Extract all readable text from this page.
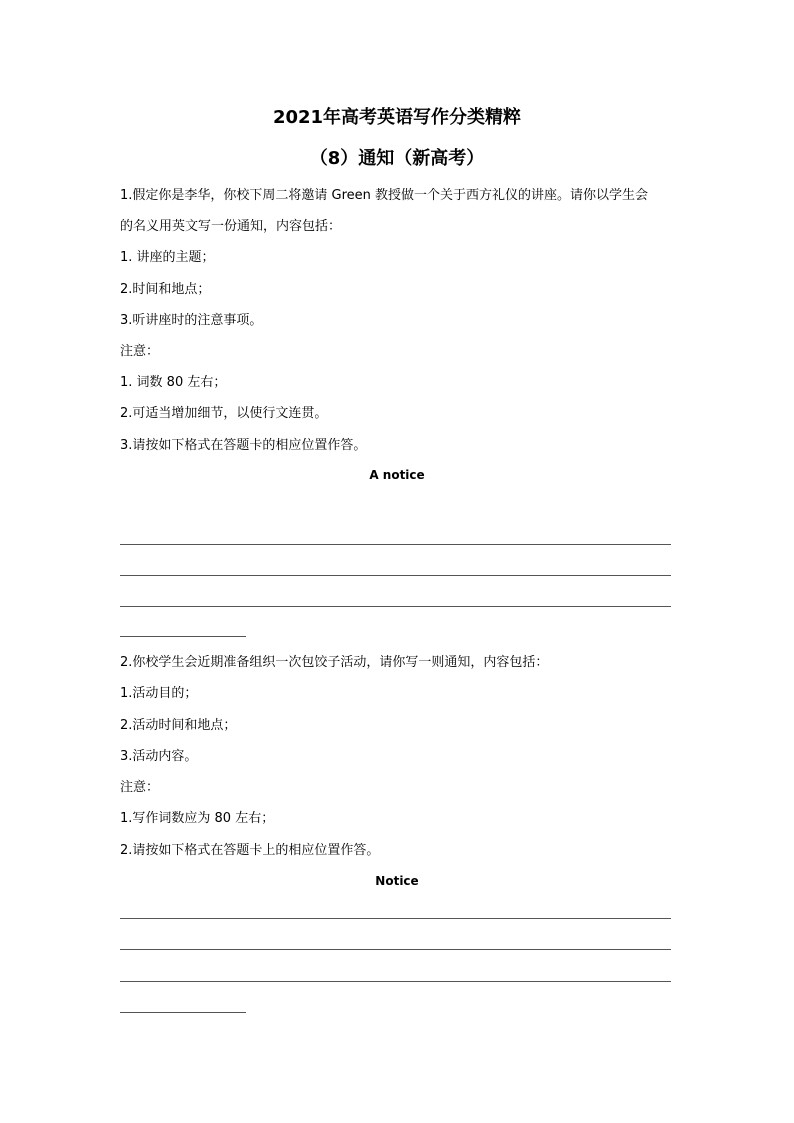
2021年高考英语写作分类精粹
（8）通知（新高考）
1.假定你是李华，你校下周二将邀请 Green 教授做一个关于西方礼仪的讲座。请你以学生会
的名义用英文写一份通知，内容包括：
1. 讲座的主题；
2.时间和地点；
3.听讲座时的注意事项。
注意：
1. 词数 80 左右；
2.可适当增加细节，以使行文连贯。
3.请按如下格式在答题卡的相应位置作答。
A notice
2.你校学生会近期准备组织一次包饺子活动，请你写一则通知，内容包括：
1.活动目的；
2.活动时间和地点；
3.活动内容。
注意：
1.写作词数应为 80 左右；
2.请按如下格式在答题卡上的相应位置作答。
Notice
